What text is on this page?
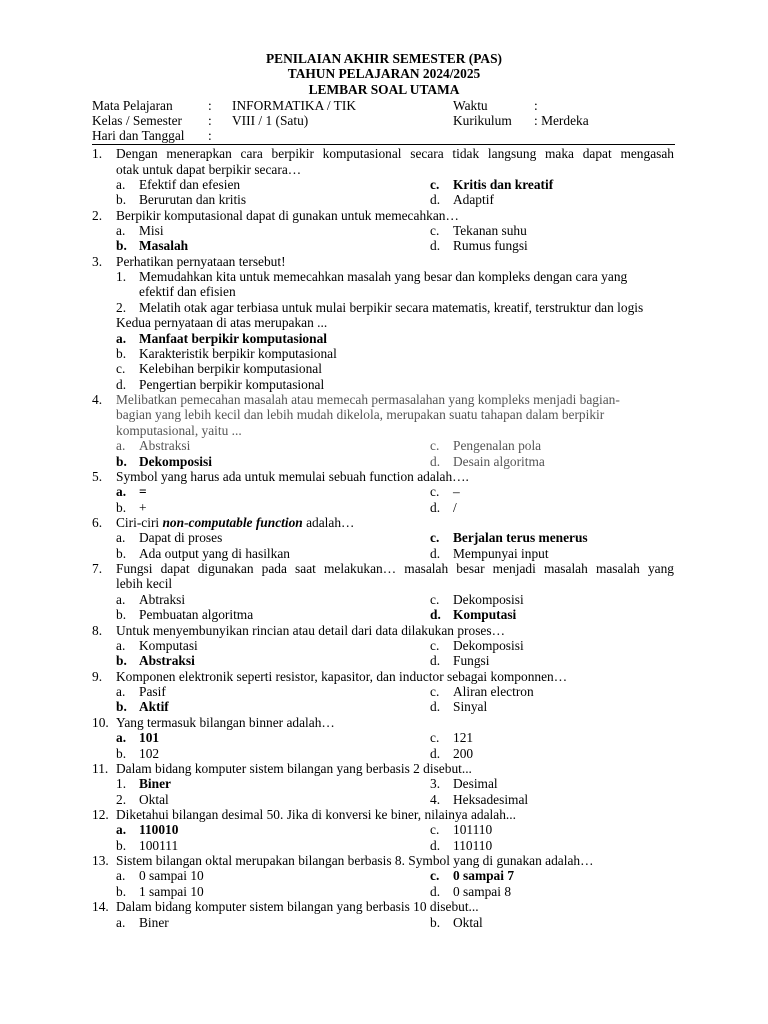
PENILAIAN AKHIR SEMESTER (PAS)
TAHUN PELAJARAN 2024/2025
LEMBAR SOAL UTAMA
Mata Pelajaran	: INFORMATIKA / TIK	Waktu	:
Kelas / Semester : VIII / 1 (Satu)	Kurikulum : Merdeka
Hari dan Tanggal :
1. Dengan menerapkan cara berpikir komputasional secara tidak langsung maka dapat mengasah
otak untuk dapat berpikir secara…
a.	Efektif dan efesien	c.	Kritis dan kreatif
b. Berurutan dan kritis	d. Adaptif
2. Berpikir komputasional dapat di gunakan untuk memecahkan…
a.	Misi	c.	Tekanan suhu
b. Masalah	d. Rumus fungsi
3. Perhatikan pernyataan tersebut!
1. Memudahkan kita untuk memecahkan masalah yang besar dan kompleks dengan cara yang
efektif dan efisien
2. Melatih otak agar terbiasa untuk mulai berpikir secara matematis, kreatif, terstruktur dan logis
Kedua pernyataan di atas merupakan ...
a. Manfaat berpikir komputasional
b. Karakteristik berpikir komputasional
c.	Kelebihan berpikir komputasional
d. Pengertian berpikir komputasional
4. Melibatkan pemecahan masalah atau memecah permasalahan yang kompleks menjadi bagian-
bagian yang lebih kecil dan lebih mudah dikelola, merupakan suatu tahapan dalam berpikir
komputasional, yaitu ...
a.	Abstraksi	c.	Pengenalan pola
b. Dekomposisi	d. Desain algoritma
5. Symbol yang harus ada untuk memulai sebuah function adalah….
a. =	c.	–
b. +	d. /
6. Ciri-ciri non-computable function adalah…
a.	Dapat di proses	c.	Berjalan terus menerus
b. Ada output yang di hasilkan	d. Mempunyai input
7. Fungsi dapat digunakan pada saat melakukan… masalah besar menjadi masalah masalah yang
lebih kecil
a.	Abtraksi	c.	Dekomposisi
b. Pembuatan algoritma	d. Komputasi
8. Untuk menyembunyikan rincian atau detail dari data dilakukan proses…
a.	Komputasi	c.	Dekomposisi
b. Abstraksi	d. Fungsi
9. Komponen elektronik seperti resistor, kapasitor, dan inductor sebagai komponnen…
a.	Pasif	c.	Aliran electron
b. Aktif	d. Sinyal
10. Yang termasuk bilangan binner adalah…
a. 101	c.	121
b. 102	d. 200
11. Dalam bidang komputer sistem bilangan yang berbasis 2 disebut...
1. Biner	3. Desimal
2. Oktal	4. Heksadesimal
12. Diketahui bilangan desimal 50. Jika di konversi ke biner, nilainya adalah...
a. 110010	c.	101110
b. 100111	d. 110110
13. Sistem bilangan oktal merupakan bilangan berbasis 8. Symbol yang di gunakan adalah…
a.	0 sampai 10	c.	0 sampai 7
b. 1 sampai 10	d. 0 sampai 8
14. Dalam bidang komputer sistem bilangan yang berbasis 10 disebut...
a.	Biner	b. Oktal
